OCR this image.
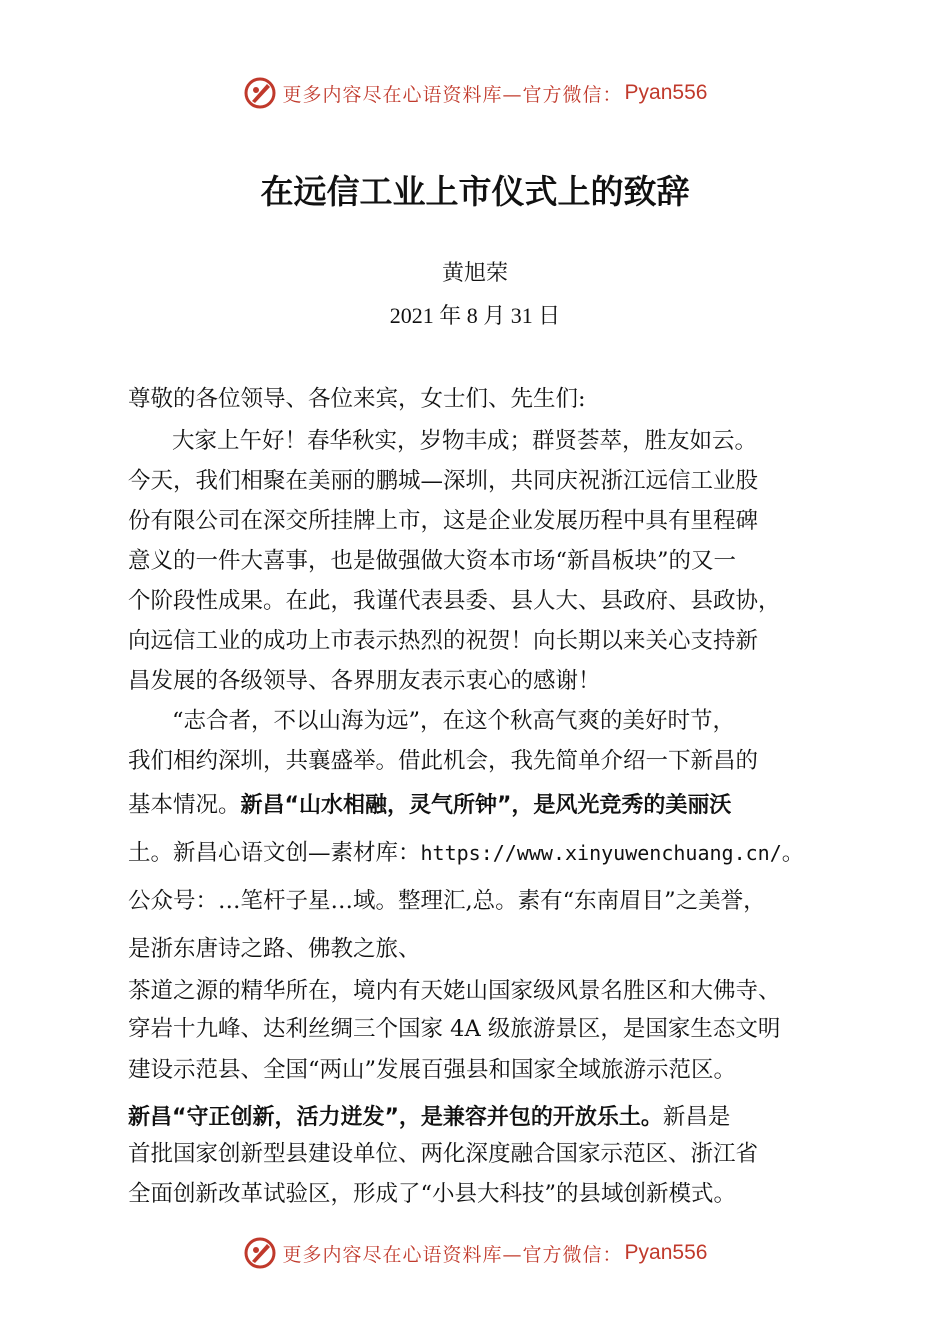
更多内容尽在心语资料库—官方微信： Pyan556
在远信工业上市仪式上的致辞
黄旭荣
2021 年 8 月 31 日
尊敬的各位领导、各位来宾，女士们、先生们:
大家上午好！春华秋实，岁物丰成；群贤荟萃，胜友如云。
今天，我们相聚在美丽的鹏城—深圳，共同庆祝浙江远信工业股
份有限公司在深交所挂牌上市，这是企业发展历程中具有里程碑
意义的一件大喜事，也是做强做大资本市场“新昌板块”的又一
个阶段性成果。在此，我谨代表县委、县人大、县政府、县政协，
向远信工业的成功上市表示热烈的祝贺！向长期以来关心支持新
昌发展的各级领导、各界朋友表示衷心的感谢！
“志合者，不以山海为远”，在这个秋高气爽的美好时节，
我们相约深圳，共襄盛举。借此机会，我先简单介绍一下新昌的
基本情况。新昌“山水相融，灵气所钟”，是风光竞秀的美丽沃
土。新昌心语文创—素材库：https://www.xinyuwenchuang.cn/。
公众号：…笔杆子星…域。整理汇,总。素有“东南眉目”之美誉，
是浙东唐诗之路、佛教之旅、
茶道之源的精华所在，境内有天姥山国家级风景名胜区和大佛寺、
穿岩十九峰、达利丝绸三个国家 4A 级旅游景区，是国家生态文明
建设示范县、全国“两山”发展百强县和国家全域旅游示范区。
新昌“守正创新，活力迸发”，是兼容并包的开放乐土。新昌是
首批国家创新型县建设单位、两化深度融合国家示范区、浙江省
全面创新改革试验区，形成了“小县大科技”的县域创新模式。
更多内容尽在心语资料库—官方微信： Pyan556
